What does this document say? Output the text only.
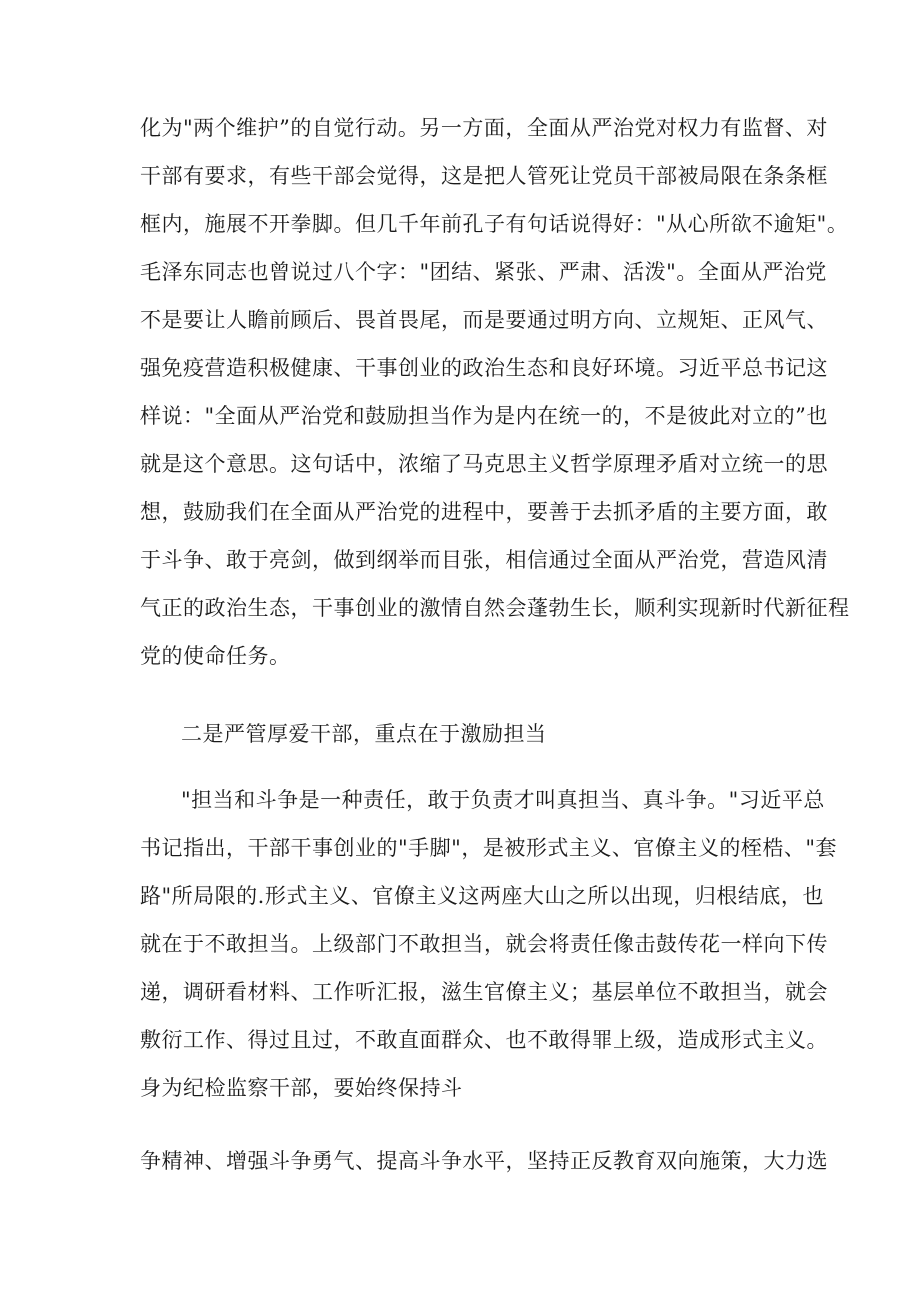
化为"两个维护”的自觉行动。另一方面，全面从严治党对权力有监督、对
干部有要求，有些干部会觉得，这是把人管死让党员干部被局限在条条框
框内，施展不开拳脚。但几千年前孔子有句话说得好："从心所欲不逾矩"。
毛泽东同志也曾说过八个字："团结、紧张、严肃、活泼"。全面从严治党
不是要让人瞻前顾后、畏首畏尾，而是要通过明方向、立规矩、正风气、
强免疫营造积极健康、干事创业的政治生态和良好环境。习近平总书记这
样说："全面从严治党和鼓励担当作为是内在统一的，不是彼此对立的”也
就是这个意思。这句话中，浓缩了马克思主义哲学原理矛盾对立统一的思
想，鼓励我们在全面从严治党的进程中，要善于去抓矛盾的主要方面，敢
于斗争、敢于亮剑，做到纲举而目张，相信通过全面从严治党，营造风清
气正的政治生态，干事创业的激情自然会蓬勃生长，顺利实现新时代新征程
党的使命任务。
二是严管厚爱干部，重点在于激励担当
"担当和斗争是一种责任，敢于负责才叫真担当、真斗争。"习近平总
书记指出，干部干事创业的"手脚"，是被形式主义、官僚主义的桎梏、"套
路"所局限的.形式主义、官僚主义这两座大山之所以出现，归根结底，也
就在于不敢担当。上级部门不敢担当，就会将责任像击鼓传花一样向下传
递，调研看材料、工作听汇报，滋生官僚主义；基层单位不敢担当，就会
敷衍工作、得过且过，不敢直面群众、也不敢得罪上级，造成形式主义。
身为纪检监察干部，要始终保持斗
争精神、增强斗争勇气、提高斗争水平，坚持正反教育双向施策，大力选
